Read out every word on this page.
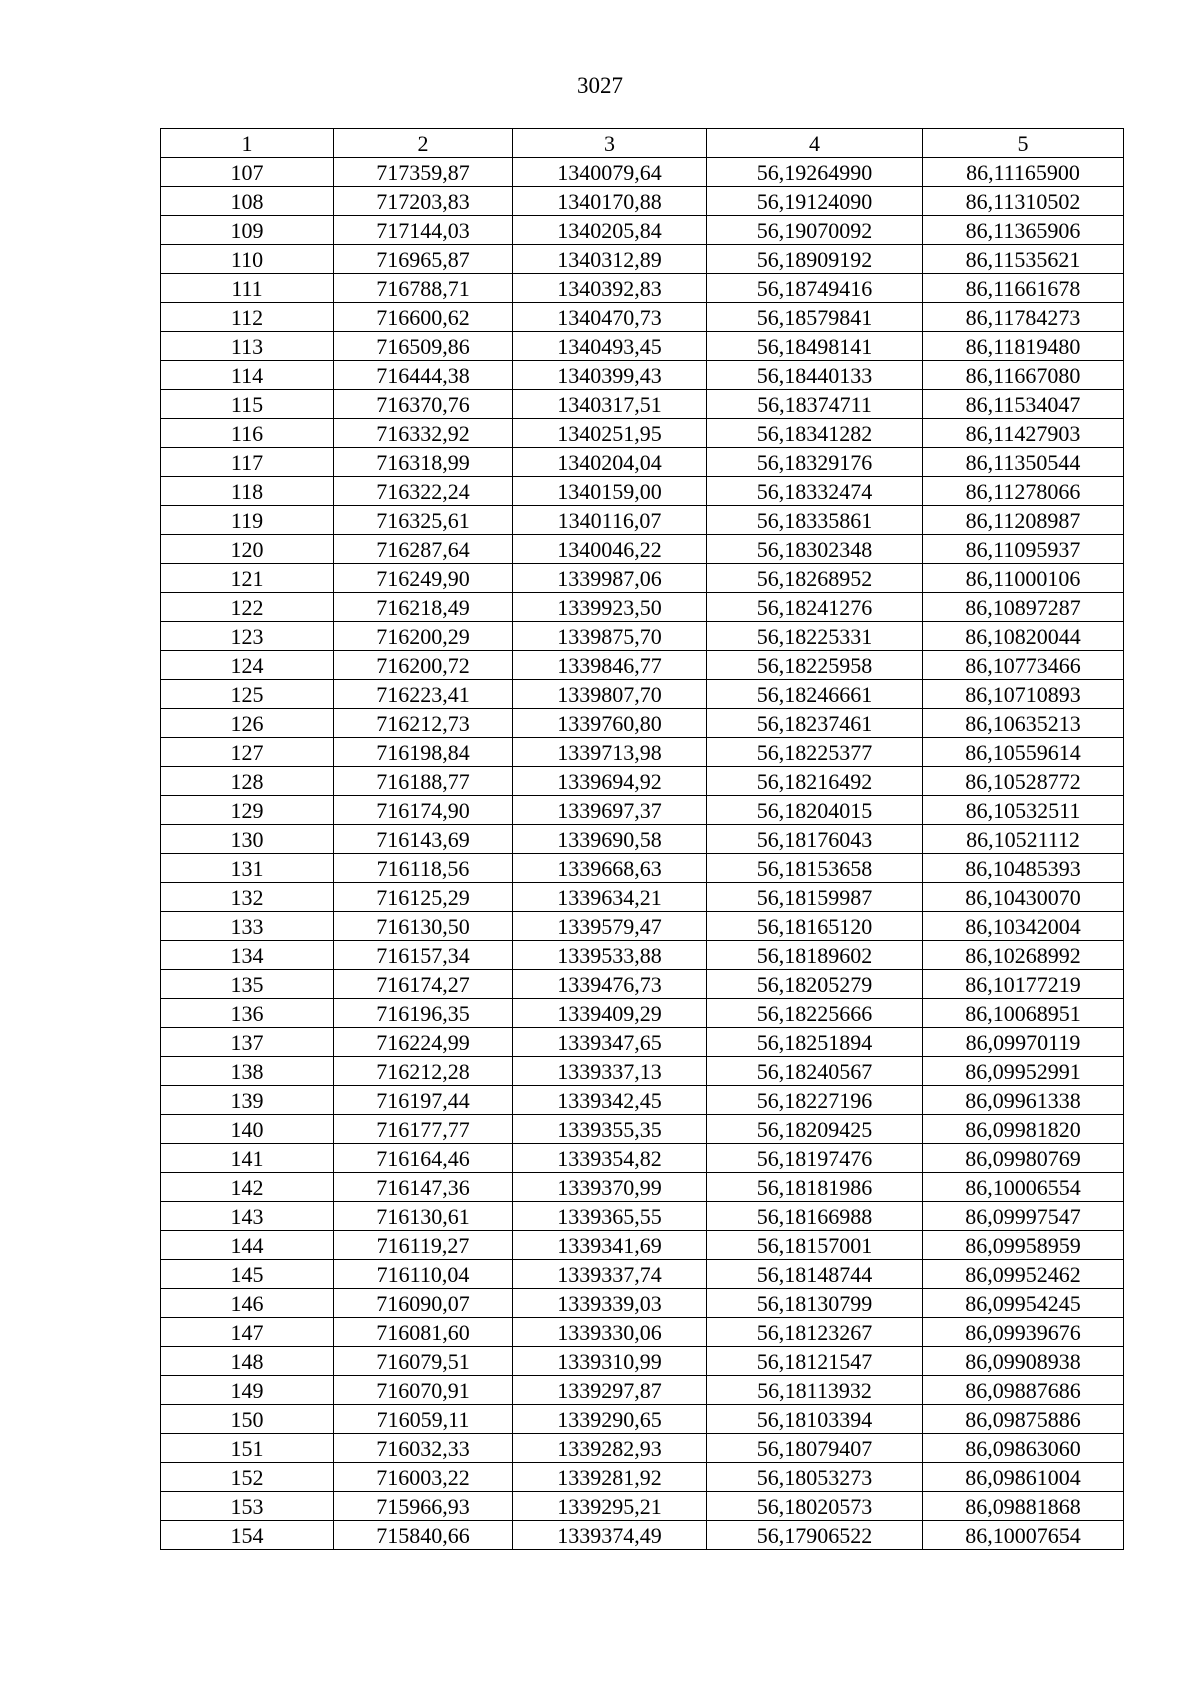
3027
1	2	3	4	5
107	717359,87	1340079,64	56,19264990	86,11165900
108	717203,83	1340170,88	56,19124090	86,11310502
109	717144,03	1340205,84	56,19070092	86,11365906
110	716965,87	1340312,89	56,18909192	86,11535621
111	716788,71	1340392,83	56,18749416	86,11661678
112	716600,62	1340470,73	56,18579841	86,11784273
113	716509,86	1340493,45	56,18498141	86,11819480
114	716444,38	1340399,43	56,18440133	86,11667080
115	716370,76	1340317,51	56,18374711	86,11534047
116	716332,92	1340251,95	56,18341282	86,11427903
117	716318,99	1340204,04	56,18329176	86,11350544
118	716322,24	1340159,00	56,18332474	86,11278066
119	716325,61	1340116,07	56,18335861	86,11208987
120	716287,64	1340046,22	56,18302348	86,11095937
121	716249,90	1339987,06	56,18268952	86,11000106
122	716218,49	1339923,50	56,18241276	86,10897287
123	716200,29	1339875,70	56,18225331	86,10820044
124	716200,72	1339846,77	56,18225958	86,10773466
125	716223,41	1339807,70	56,18246661	86,10710893
126	716212,73	1339760,80	56,18237461	86,10635213
127	716198,84	1339713,98	56,18225377	86,10559614
128	716188,77	1339694,92	56,18216492	86,10528772
129	716174,90	1339697,37	56,18204015	86,10532511
130	716143,69	1339690,58	56,18176043	86,10521112
131	716118,56	1339668,63	56,18153658	86,10485393
132	716125,29	1339634,21	56,18159987	86,10430070
133	716130,50	1339579,47	56,18165120	86,10342004
134	716157,34	1339533,88	56,18189602	86,10268992
135	716174,27	1339476,73	56,18205279	86,10177219
136	716196,35	1339409,29	56,18225666	86,10068951
137	716224,99	1339347,65	56,18251894	86,09970119
138	716212,28	1339337,13	56,18240567	86,09952991
139	716197,44	1339342,45	56,18227196	86,09961338
140	716177,77	1339355,35	56,18209425	86,09981820
141	716164,46	1339354,82	56,18197476	86,09980769
142	716147,36	1339370,99	56,18181986	86,10006554
143	716130,61	1339365,55	56,18166988	86,09997547
144	716119,27	1339341,69	56,18157001	86,09958959
145	716110,04	1339337,74	56,18148744	86,09952462
146	716090,07	1339339,03	56,18130799	86,09954245
147	716081,60	1339330,06	56,18123267	86,09939676
148	716079,51	1339310,99	56,18121547	86,09908938
149	716070,91	1339297,87	56,18113932	86,09887686
150	716059,11	1339290,65	56,18103394	86,09875886
151	716032,33	1339282,93	56,18079407	86,09863060
152	716003,22	1339281,92	56,18053273	86,09861004
153	715966,93	1339295,21	56,18020573	86,09881868
154	715840,66	1339374,49	56,17906522	86,10007654
